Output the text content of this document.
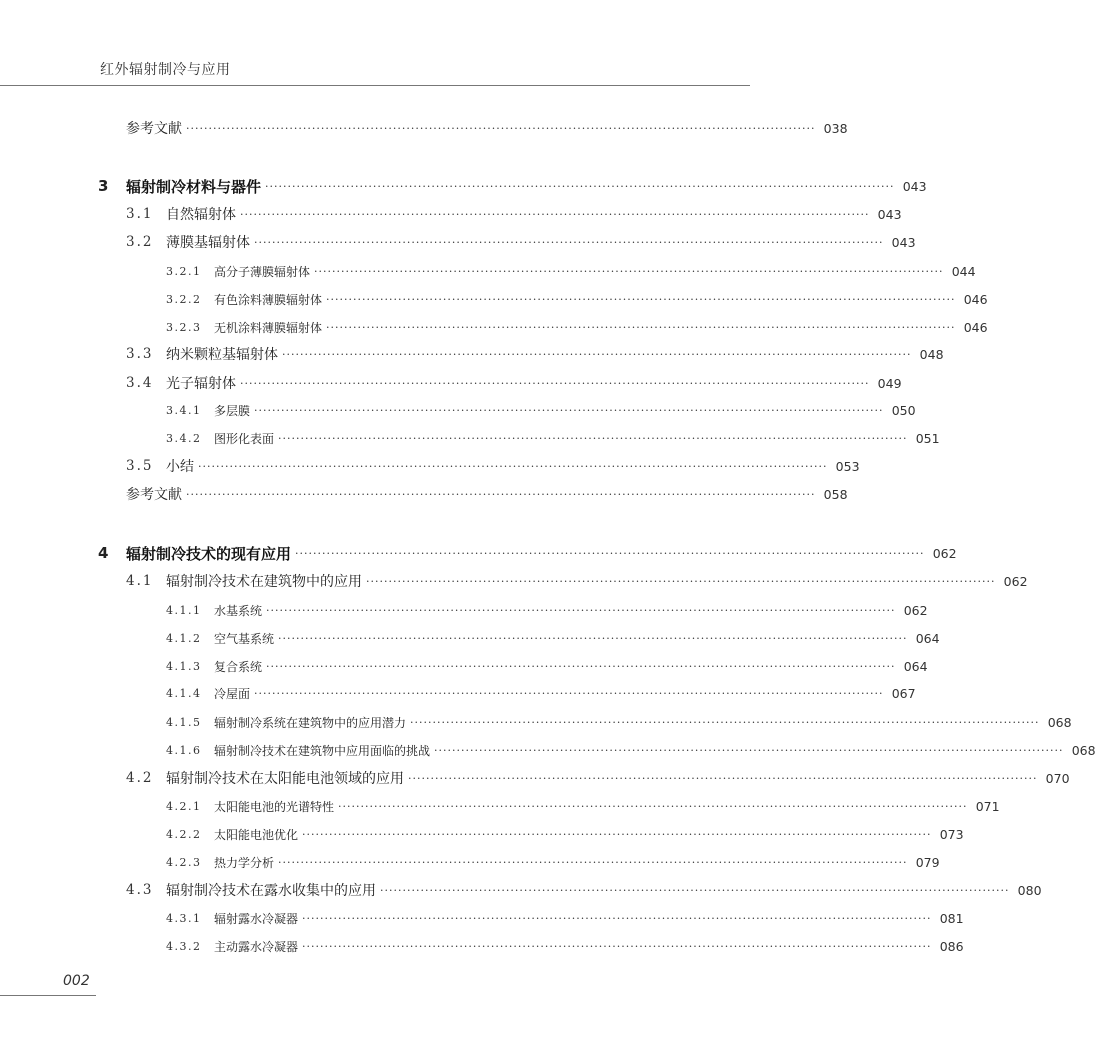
红外辐射制冷与应用
参考文献 ············································································································································ 038
3	辐射制冷材料与器件 ············································································································································ 043
3.1 自然辐射体 ············································································································································ 043
3.2 薄膜基辐射体 ············································································································································ 043
3.2.1	高分子薄膜辐射体 ············································································································································ 044
3.2.2	有色涂料薄膜辐射体 ············································································································································ 046
3.2.3	无机涂料薄膜辐射体 ············································································································································ 046
3.3 纳米颗粒基辐射体 ············································································································································ 048
3.4 光子辐射体 ············································································································································ 049
3.4.1	多层膜 ············································································································································ 050
3.4.2	图形化表面 ············································································································································ 051
3.5 小结 ············································································································································ 053
参考文献 ············································································································································ 058
4	辐射制冷技术的现有应用 ············································································································································ 062
4.1 辐射制冷技术在建筑物中的应用 ············································································································································ 062
4.1.1	水基系统 ············································································································································ 062
4.1.2	空气基系统 ············································································································································ 064
4.1.3	复合系统 ············································································································································ 064
4.1.4	冷屋面 ············································································································································ 067
4.1.5	辐射制冷系统在建筑物中的应用潜力 ············································································································································ 068
4.1.6	辐射制冷技术在建筑物中应用面临的挑战 ············································································································································ 068
4.2 辐射制冷技术在太阳能电池领域的应用 ············································································································································ 070
4.2.1	太阳能电池的光谱特性 ············································································································································ 071
4.2.2	太阳能电池优化 ············································································································································ 073
4.2.3	热力学分析 ············································································································································ 079
4.3 辐射制冷技术在露水收集中的应用 ············································································································································ 080
4.3.1	辐射露水冷凝器 ············································································································································ 081
4.3.2	主动露水冷凝器 ············································································································································ 086
002
